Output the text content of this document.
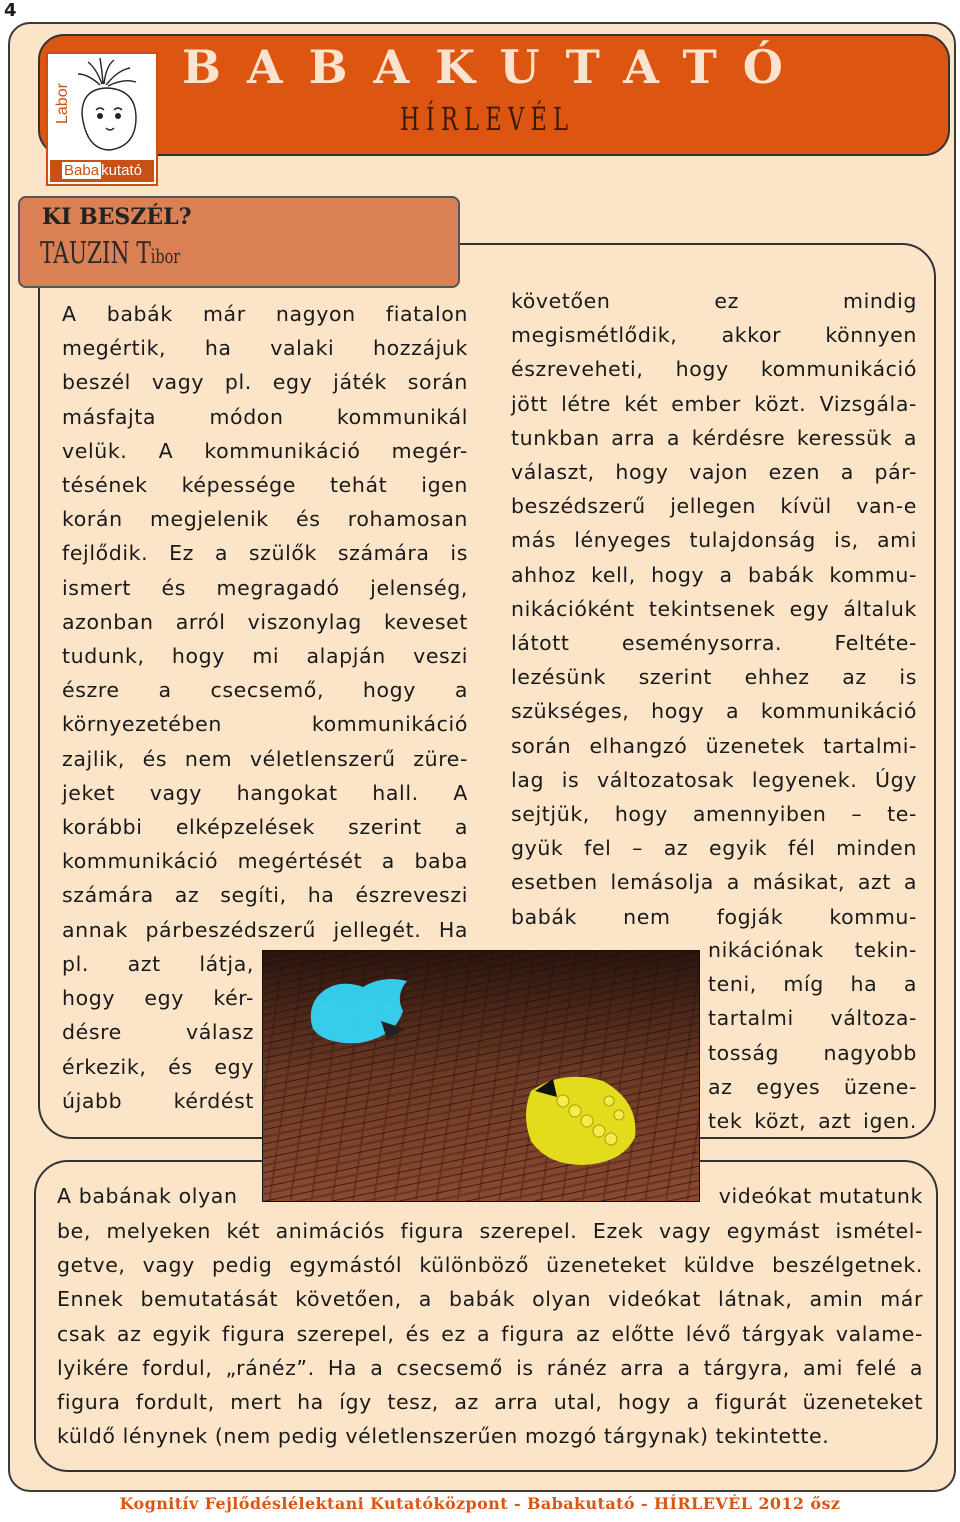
4
BABAKUTATÓ
HÍRLEVÉL
Labor
Baba kutató
KI BESZÉL?
TAUZIN Tibor
A babák már nagyon fiatalon
megértik, ha valaki hozzájuk
beszél vagy pl. egy játék során
másfajta módon kommunikál
velük. A kommunikáció megér-
tésének képessége tehát igen
korán megjelenik és rohamosan
fejlődik. Ez a szülők számára is
ismert és megragadó jelenség,
azonban arról viszonylag keveset
tudunk, hogy mi alapján veszi
észre a csecsemő, hogy a
környezetében kommunikáció
zajlik, és nem véletlenszerű züre-
jeket vagy hangokat hall. A
korábbi elképzelések szerint a
kommunikáció megértését a baba
számára az segíti, ha észreveszi
annak párbeszédszerű jellegét. Ha
pl. azt látja,
hogy egy kér-
désre válasz
érkezik, és egy
újabb kérdést
követően ez mindig
megismétlődik, akkor könnyen
észreveheti, hogy kommunikáció
jött létre két ember közt. Vizsgála-
tunkban arra a kérdésre keressük a
választ, hogy vajon ezen a pár-
beszédszerű jellegen kívül van-e
más lényeges tulajdonság is, ami
ahhoz kell, hogy a babák kommu-
nikációként tekintsenek egy általuk
látott eseménysorra. Feltéte-
lezésünk szerint ehhez az is
szükséges, hogy a kommunikáció
során elhangzó üzenetek tartalmi-
lag is változatosak legyenek. Úgy
sejtjük, hogy amennyiben – te-
gyük fel – az egyik fél minden
esetben lemásolja a másikat, azt a
babák nem fogják kommu-
nikációnak tekin-
teni, míg ha a
tartalmi változa-
tosság nagyobb
az egyes üzene-
tek közt, azt igen.
A babának olyan	videókat mutatunk
be, melyeken két animációs figura szerepel. Ezek vagy egymást ismétel-
getve, vagy pedig egymástól különböző üzeneteket küldve beszélgetnek.
Ennek bemutatását követően, a babák olyan videókat látnak, amin már
csak az egyik figura szerepel, és ez a figura az előtte lévő tárgyak valame-
lyikére fordul, „ránéz”. Ha a csecsemő is ránéz arra a tárgyra, ami felé a
figura fordult, mert ha így tesz, az arra utal, hogy a figurát üzeneteket
küldő lénynek (nem pedig véletlenszerűen mozgó tárgynak) tekintette.
Kognitív Fejlődéslélektani Kutatóközpont - Babakutató - HÍRLEVÉL 2012 ősz
